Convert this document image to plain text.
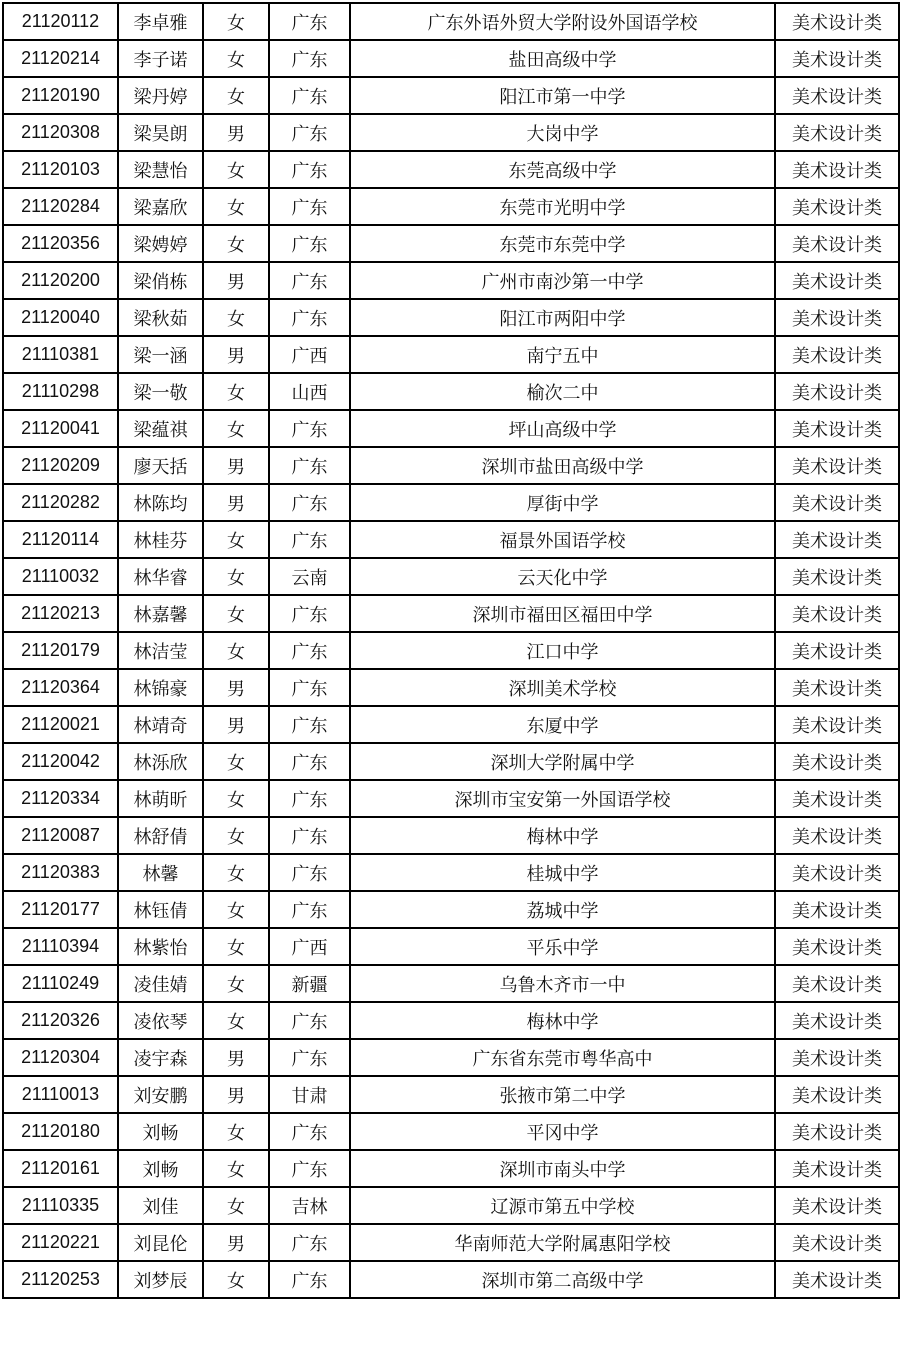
21120112	李卓雅	女	广东	广东外语外贸大学附设外国语学校	美术设计类
21120214	李子诺	女	广东	盐田高级中学	美术设计类
21120190	梁丹婷	女	广东	阳江市第一中学	美术设计类
21120308	梁昊朗	男	广东	大岗中学	美术设计类
21120103	梁慧怡	女	广东	东莞高级中学	美术设计类
21120284	梁嘉欣	女	广东	东莞市光明中学	美术设计类
21120356	梁娉婷	女	广东	东莞市东莞中学	美术设计类
21120200	梁俏栋	男	广东	广州市南沙第一中学	美术设计类
21120040	梁秋茹	女	广东	阳江市两阳中学	美术设计类
21110381	梁一涵	男	广西	南宁五中	美术设计类
21110298	梁一敬	女	山西	榆次二中	美术设计类
21120041	梁蕴祺	女	广东	坪山高级中学	美术设计类
21120209	廖天括	男	广东	深圳市盐田高级中学	美术设计类
21120282	林陈均	男	广东	厚街中学	美术设计类
21120114	林桂芬	女	广东	福景外国语学校	美术设计类
21110032	林华睿	女	云南	云天化中学	美术设计类
21120213	林嘉馨	女	广东	深圳市福田区福田中学	美术设计类
21120179	林洁莹	女	广东	江口中学	美术设计类
21120364	林锦豪	男	广东	深圳美术学校	美术设计类
21120021	林靖奇	男	广东	东厦中学	美术设计类
21120042	林泺欣	女	广东	深圳大学附属中学	美术设计类
21120334	林萌昕	女	广东	深圳市宝安第一外国语学校	美术设计类
21120087	林舒倩	女	广东	梅林中学	美术设计类
21120383	林馨	女	广东	桂城中学	美术设计类
21120177	林钰倩	女	广东	荔城中学	美术设计类
21110394	林紫怡	女	广西	平乐中学	美术设计类
21110249	凌佳婧	女	新疆	乌鲁木齐市一中	美术设计类
21120326	凌依琴	女	广东	梅林中学	美术设计类
21120304	凌宇森	男	广东	广东省东莞市粤华高中	美术设计类
21110013	刘安鹏	男	甘肃	张掖市第二中学	美术设计类
21120180	刘畅	女	广东	平冈中学	美术设计类
21120161	刘畅	女	广东	深圳市南头中学	美术设计类
21110335	刘佳	女	吉林	辽源市第五中学校	美术设计类
21120221	刘昆伦	男	广东	华南师范大学附属惠阳学校	美术设计类
21120253	刘梦辰	女	广东	深圳市第二高级中学	美术设计类
